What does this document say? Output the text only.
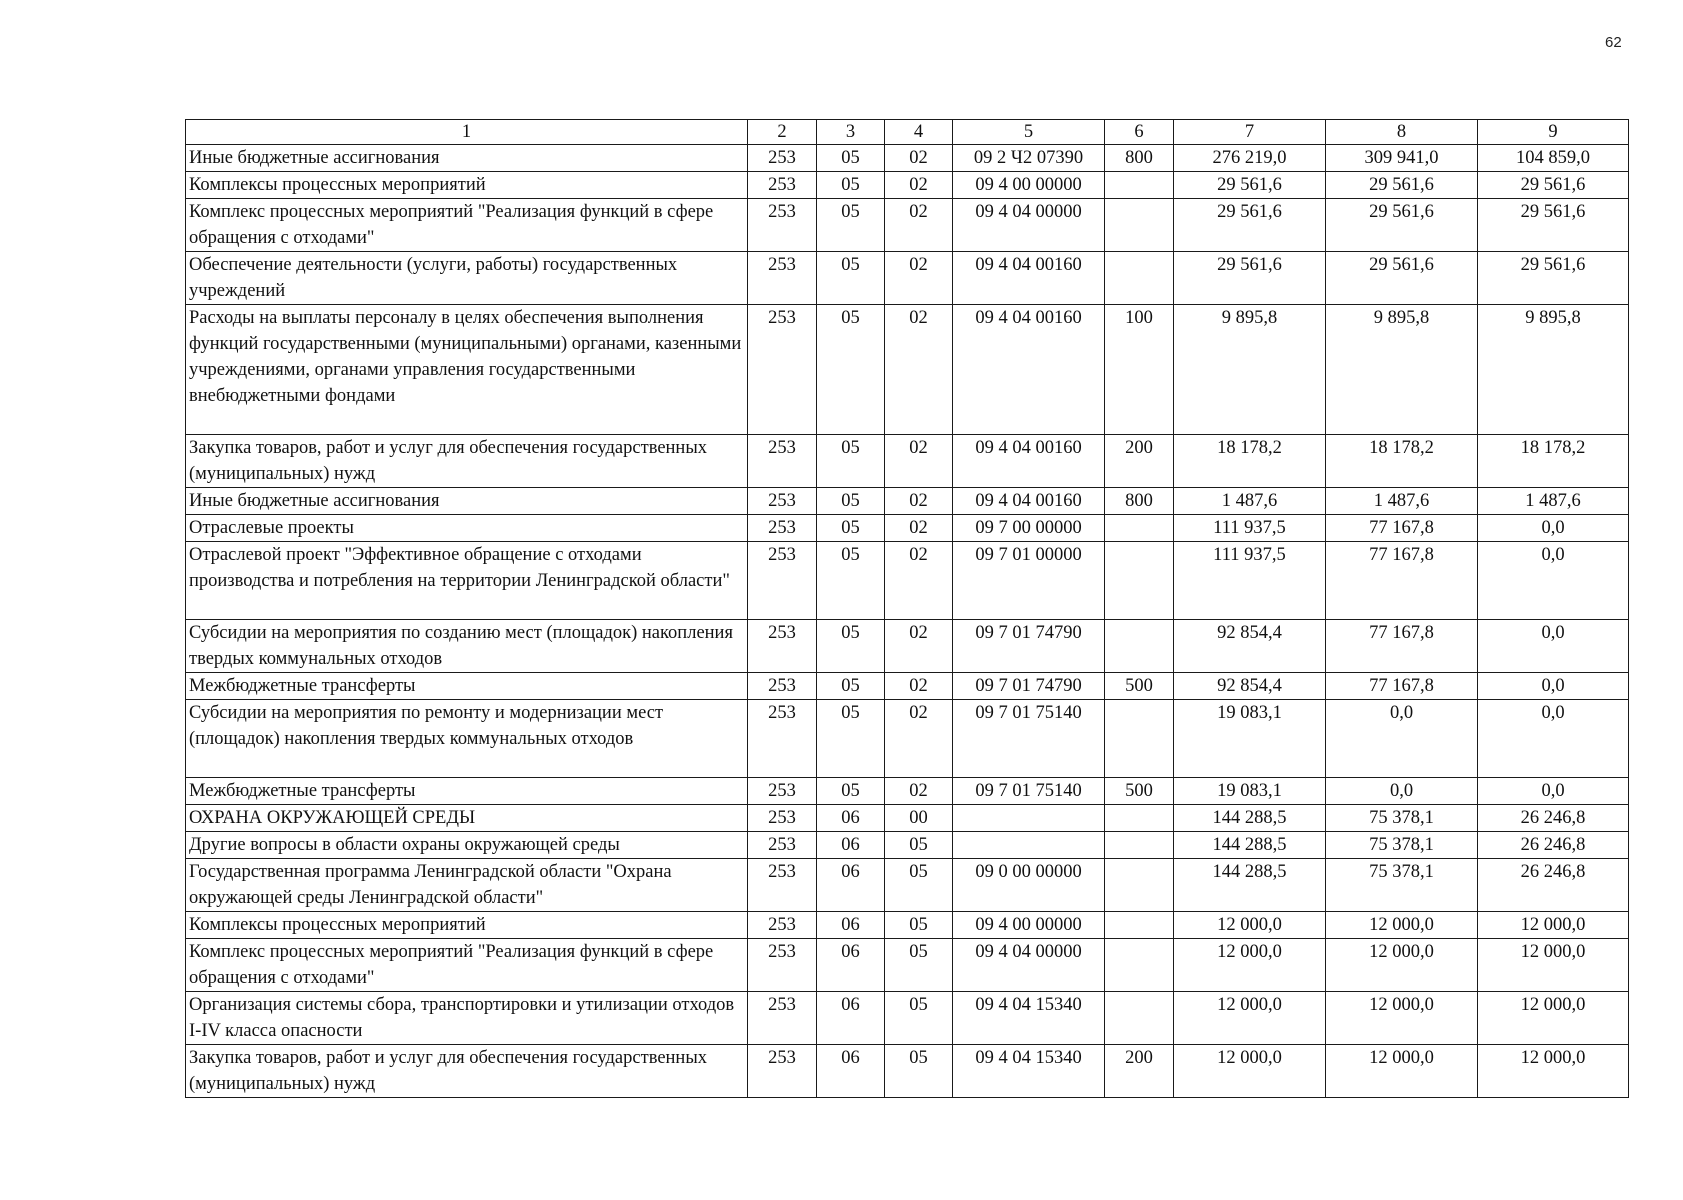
62
1	2	3	4	5	6	7	8	9
Иные бюджетные ассигнования	253	05	02	09 2 Ч2 07390	800	276 219,0	309 941,0	104 859,0
Комплексы процессных мероприятий	253	05	02	09 4 00 00000		29 561,6	29 561,6	29 561,6
Комплекс процессных мероприятий "Реализация функций в сфере обращения с отходами"	253	05	02	09 4 04 00000		29 561,6	29 561,6	29 561,6
Обеспечение деятельности (услуги, работы) государственных учреждений	253	05	02	09 4 04 00160		29 561,6	29 561,6	29 561,6
Расходы на выплаты персоналу в целях обеспечения выполнения функций государственными (муниципальными) органами, казенными учреждениями, органами управления государственными внебюджетными фондами	253	05	02	09 4 04 00160	100	9 895,8	9 895,8	9 895,8
Закупка товаров, работ и услуг для обеспечения государственных (муниципальных) нужд	253	05	02	09 4 04 00160	200	18 178,2	18 178,2	18 178,2
Иные бюджетные ассигнования	253	05	02	09 4 04 00160	800	1 487,6	1 487,6	1 487,6
Отраслевые проекты	253	05	02	09 7 00 00000		111 937,5	77 167,8	0,0
Отраслевой проект "Эффективное обращение с отходами производства и потребления на территории Ленинградской области"	253	05	02	09 7 01 00000		111 937,5	77 167,8	0,0
Субсидии на мероприятия по созданию мест (площадок) накопления твердых коммунальных отходов	253	05	02	09 7 01 74790		92 854,4	77 167,8	0,0
Межбюджетные трансферты	253	05	02	09 7 01 74790	500	92 854,4	77 167,8	0,0
Субсидии на мероприятия по ремонту и модернизации мест (площадок) накопления твердых коммунальных отходов	253	05	02	09 7 01 75140		19 083,1	0,0	0,0
Межбюджетные трансферты	253	05	02	09 7 01 75140	500	19 083,1	0,0	0,0
ОХРАНА ОКРУЖАЮЩЕЙ СРЕДЫ	253	06	00			144 288,5	75 378,1	26 246,8
Другие вопросы в области охраны окружающей среды	253	06	05			144 288,5	75 378,1	26 246,8
Государственная программа Ленинградской области "Охрана окружающей среды Ленинградской области"	253	06	05	09 0 00 00000		144 288,5	75 378,1	26 246,8
Комплексы процессных мероприятий	253	06	05	09 4 00 00000		12 000,0	12 000,0	12 000,0
Комплекс процессных мероприятий "Реализация функций в сфере обращения с отходами"	253	06	05	09 4 04 00000		12 000,0	12 000,0	12 000,0
Организация системы сбора, транспортировки и утилизации отходов I-IV класса опасности	253	06	05	09 4 04 15340		12 000,0	12 000,0	12 000,0
Закупка товаров, работ и услуг для обеспечения государственных (муниципальных) нужд	253	06	05	09 4 04 15340	200	12 000,0	12 000,0	12 000,0
